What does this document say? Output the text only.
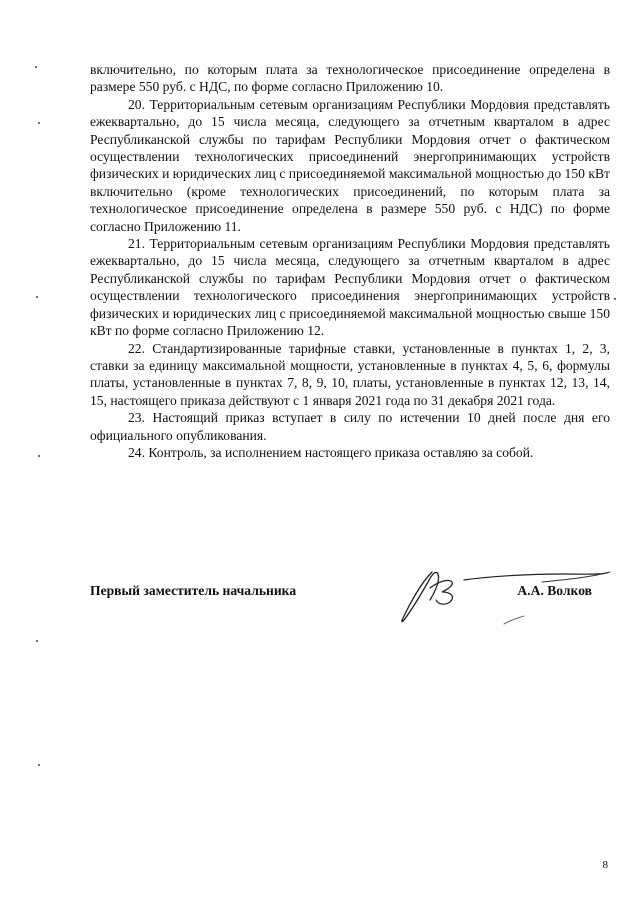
включительно, по которым плата за технологическое присоединение определена в размере 550 руб. с НДС, по форме согласно Приложению 10.

20. Территориальным сетевым организациям Республики Мордовия представлять ежеквартально, до 15 числа месяца, следующего за отчетным кварталом в адрес Республиканской службы по тарифам Республики Мордовия отчет о фактическом осуществлении технологических присоединений энергопринимающих устройств физических и юридических лиц с присоединяемой максимальной мощностью до 150 кВт включительно (кроме технологических присоединений, по которым плата за технологическое присоединение определена в размере 550 руб. с НДС) по форме согласно Приложению 11.

21. Территориальным сетевым организациям Республики Мордовия представлять ежеквартально, до 15 числа месяца, следующего за отчетным кварталом в адрес Республиканской службы по тарифам Республики Мордовия отчет о фактическом осуществлении технологического присоединения энергопринимающих устройств физических и юридических лиц с присоединяемой максимальной мощностью свыше 150 кВт по форме согласно Приложению 12.

22. Стандартизированные тарифные ставки, установленные в пунктах 1, 2, 3, ставки за единицу максимальной мощности, установленные в пунктах 4, 5, 6, формулы платы, установленные в пунктах 7, 8, 9, 10, платы, установленные в пунктах 12, 13, 14, 15, настоящего приказа действуют с 1 января 2021 года по 31 декабря 2021 года.

23. Настоящий приказ вступает в силу по истечении 10 дней после дня его официального опубликования.

24. Контроль, за исполнением настоящего приказа оставляю за собой.

Первый заместитель начальника	А.А. Волков
8
